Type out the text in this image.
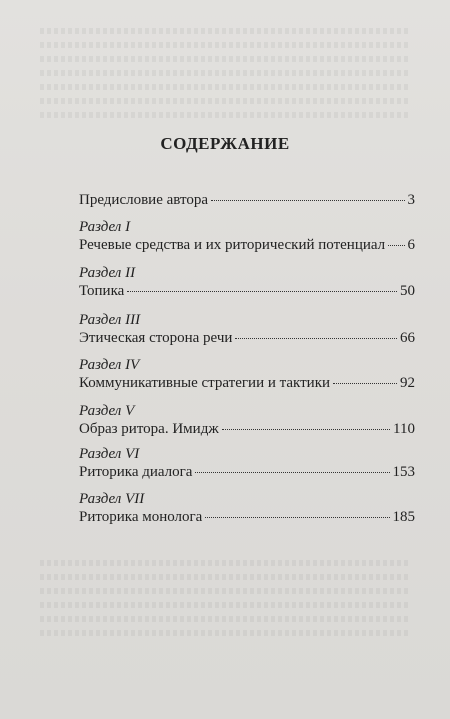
СОДЕРЖАНИЕ
Предисловие автора	3
Раздел I
Речевые средства и их риторический потенциал 6
Раздел II
Топика	50
Раздел III
Этическая сторона речи	66
Раздел IV
Коммуникативные стратегии и тактики	92
Раздел V
Образ ритора. Имидж	110
Раздел VI
Риторика диалога	153
Раздел VII
Риторика монолога	185
